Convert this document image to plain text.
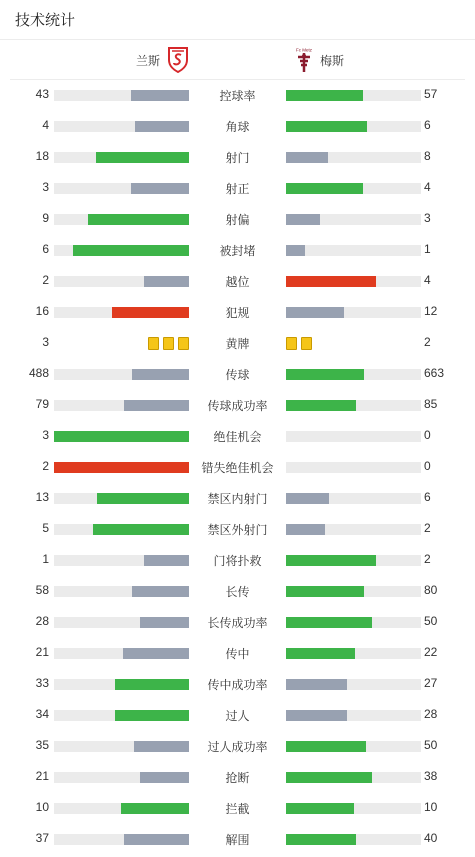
技术统计
兰斯
Fc Metz
梅斯
43	控球率	57
4	角球	6
18	射门	8
3	射正	4
9	射偏	3
6	被封堵	1
2	越位	4
16	犯规	12
3	黄牌	2
488	传球	663
79	传球成功率	85
3	绝佳机会	0
2	错失绝佳机会	0
13	禁区内射门	6
5	禁区外射门	2
1	门将扑救	2
58	长传	80
28	长传成功率	50
21	传中	22
33	传中成功率	27
34	过人	28
35	过人成功率	50
21	抢断	38
10	拦截	10
37	解围	40
